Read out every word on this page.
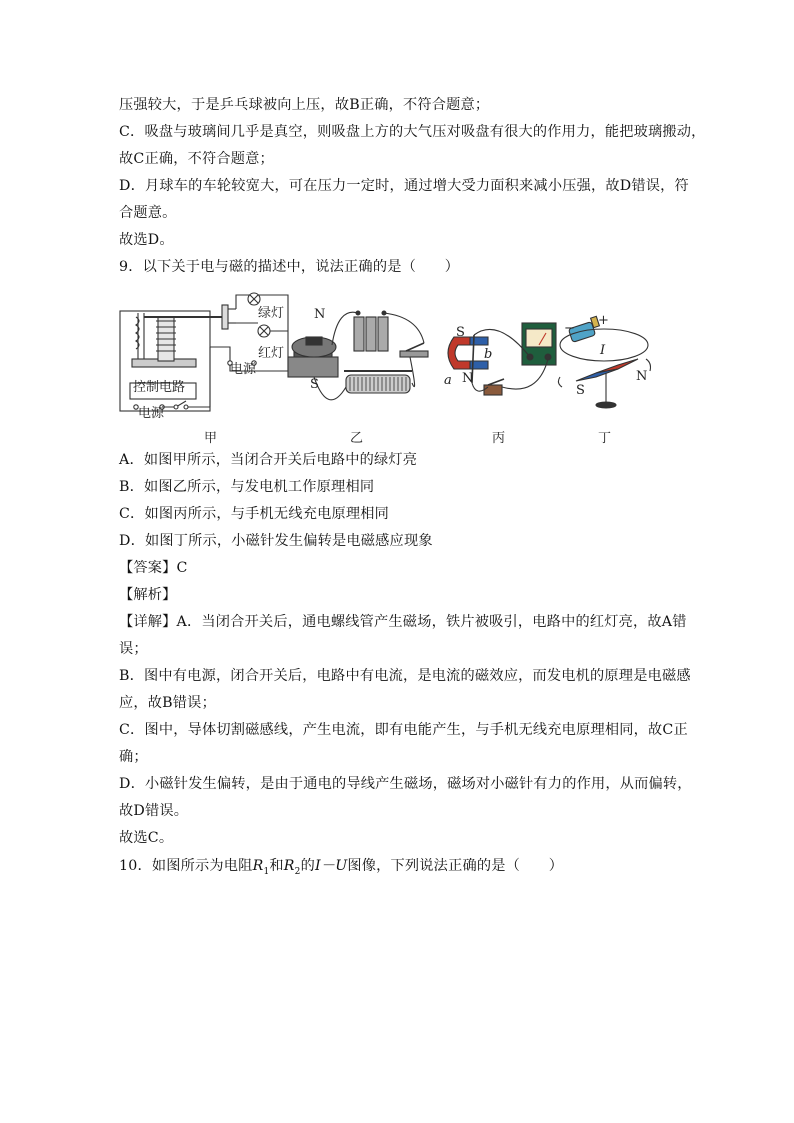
压强较大，于是乒乓球被向上压，故B正确，不符合题意；
C．吸盘与玻璃间几乎是真空，则吸盘上方的大气压对吸盘有很大的作用力，能把玻璃搬动，
故C正确，不符合题意；
D．月球车的车轮较宽大，可在压力一定时，通过增大受力面积来减小压强，故D错误，符
合题意。
故选D。
9．以下关于电与磁的描述中，说法正确的是（　　）
绿灯
红灯
电源
控制电路
电源
N
S
S
N
a
b
−
+
I
S
N
甲	乙	丙	丁
A．如图甲所示，当闭合开关后电路中的绿灯亮
B．如图乙所示，与发电机工作原理相同
C．如图丙所示，与手机无线充电原理相同
D．如图丁所示，小磁针发生偏转是电磁感应现象
【答案】C
【解析】
【详解】A．当闭合开关后，通电螺线管产生磁场，铁片被吸引，电路中的红灯亮，故A错
误；
B．图中有电源，闭合开关后，电路中有电流，是电流的磁效应，而发电机的原理是电磁感
应，故B错误；
C．图中，导体切割磁感线，产生电流，即有电能产生，与手机无线充电原理相同，故C正
确；
D．小磁针发生偏转，是由于通电的导线产生磁场，磁场对小磁针有力的作用，从而偏转，
故D错误。
故选C。
10．如图所示为电阻$R_1$和$R_2$的I－U图像，下列说法正确的是（　　）
